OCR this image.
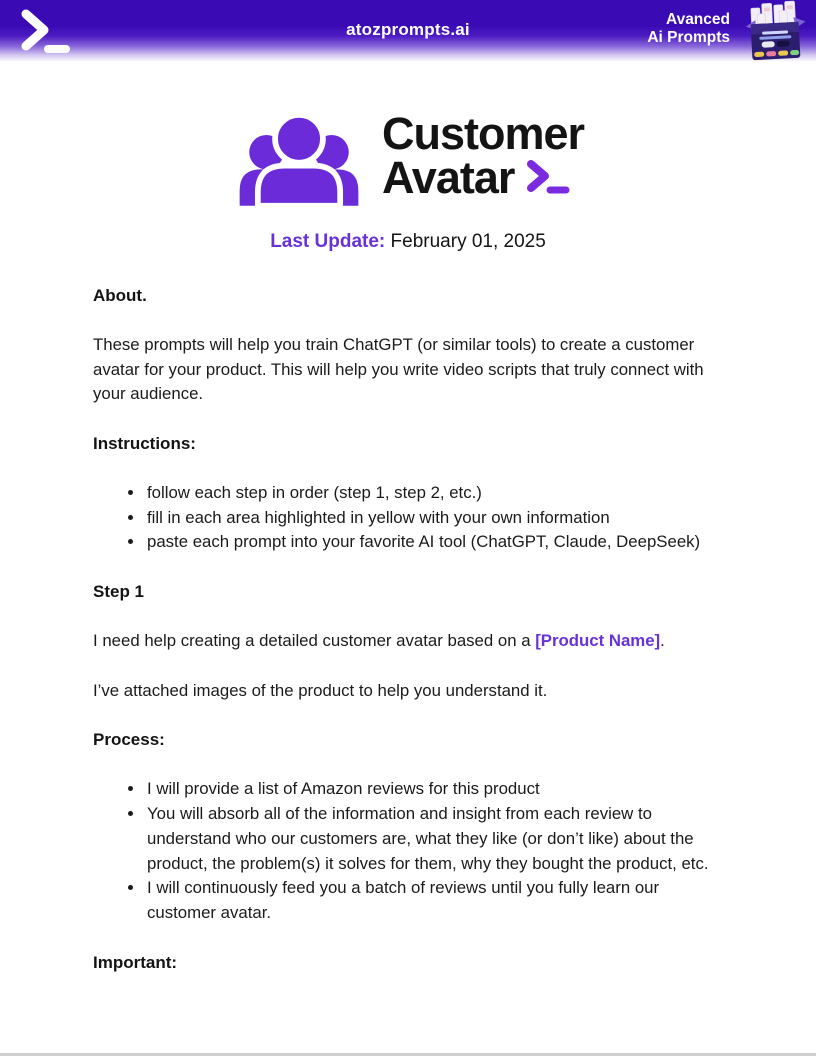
atozprompts.ai
Avanced
Ai Prompts
Customer
Avatar
Last Update: February 01, 2025
About.

These prompts will help you train ChatGPT (or similar tools) to create a customer avatar for your product. This will help you write video scripts that truly connect with your audience.

Instructions:
• follow each step in order (step 1, step 2, etc.)
• fill in each area highlighted in yellow with your own information
• paste each prompt into your favorite AI tool (ChatGPT, Claude, DeepSeek)
Step 1

I need help creating a detailed customer avatar based on a [Product Name].

I’ve attached images of the product to help you understand it.

Process:
• I will provide a list of Amazon reviews for this product
• You will absorb all of the information and insight from each review to understand who our customers are, what they like (or don’t like) about the product, the problem(s) it solves for them, why they bought the product, etc.
• I will continuously feed you a batch of reviews until you fully learn our customer avatar.
Important:
